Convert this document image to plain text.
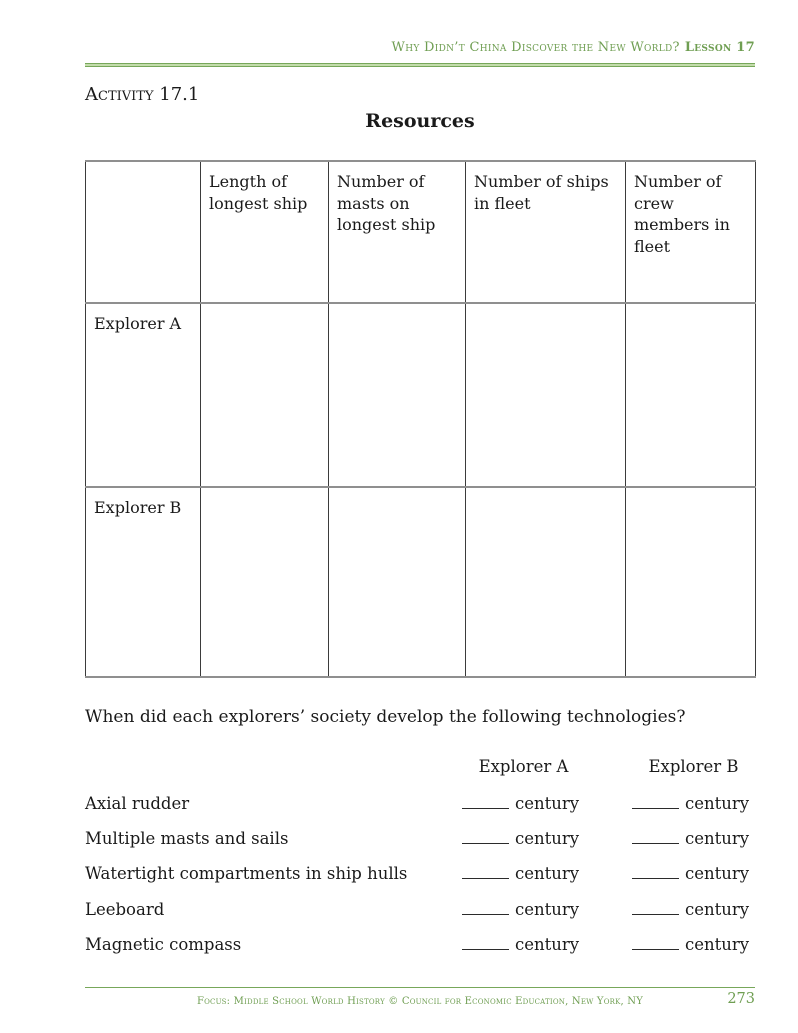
Why Didn’t China Discover the New World? Lesson 17
Activity 17.1
Resources
	Length of longest ship	Number of masts on longest ship	Number of ships in fleet	Number of crew members in fleet
Explorer A				
Explorer B				
When did each explorers’ society develop the following technologies?
Explorer A	Explorer B
Axial rudder	century	century
Multiple masts and sails	century	century
Watertight compartments in ship hulls	century	century
Leeboard	century	century
Magnetic compass	century	century
Focus: Middle School World History © Council for Economic Education, New York, NY	273
